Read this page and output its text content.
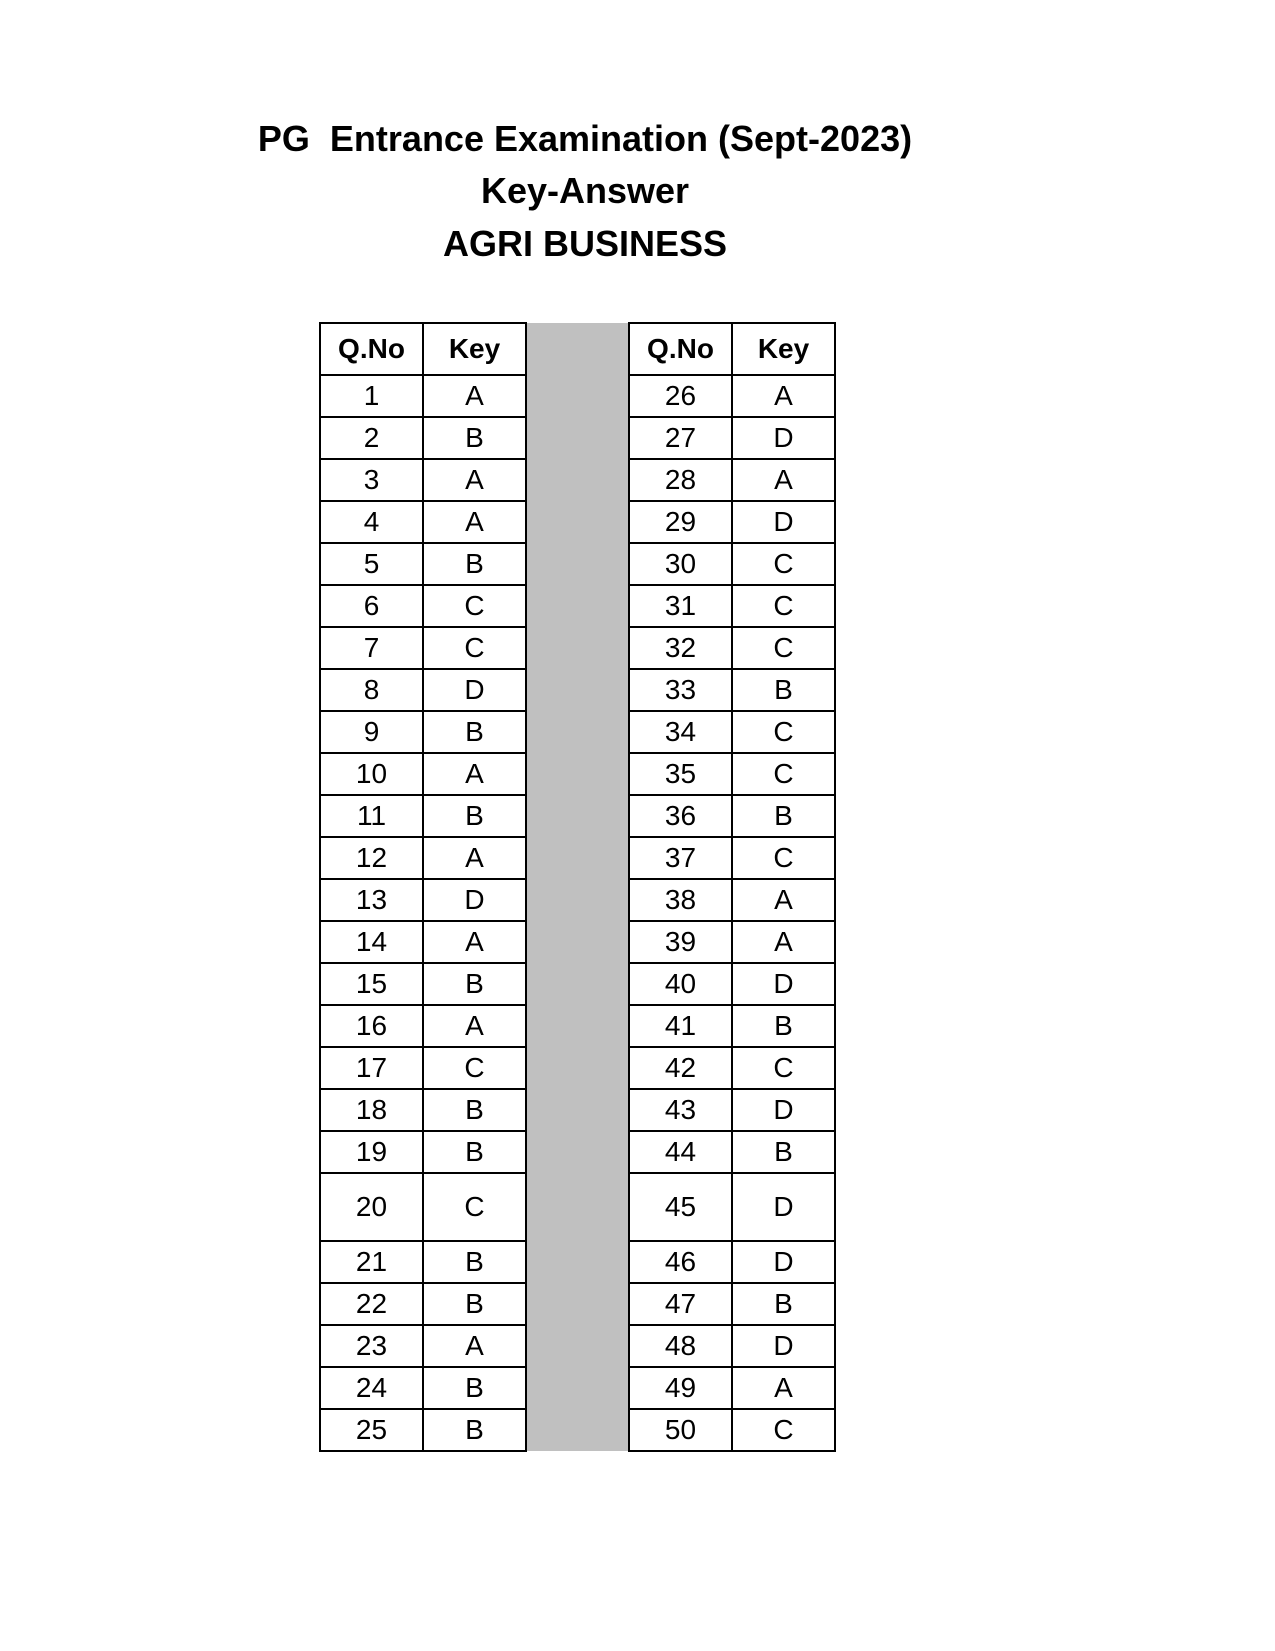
PG  Entrance Examination (Sept-2023)
Key-Answer
AGRI BUSINESS
Q.No	Key		Q.No	Key
1	A		26	A
2	B		27	D
3	A		28	A
4	A		29	D
5	B		30	C
6	C		31	C
7	C		32	C
8	D		33	B
9	B		34	C
10	A		35	C
11	B		36	B
12	A		37	C
13	D		38	A
14	A		39	A
15	B		40	D
16	A		41	B
17	C		42	C
18	B		43	D
19	B		44	B
20	C		45	D
21	B		46	D
22	B		47	B
23	A		48	D
24	B		49	A
25	B		50	C
